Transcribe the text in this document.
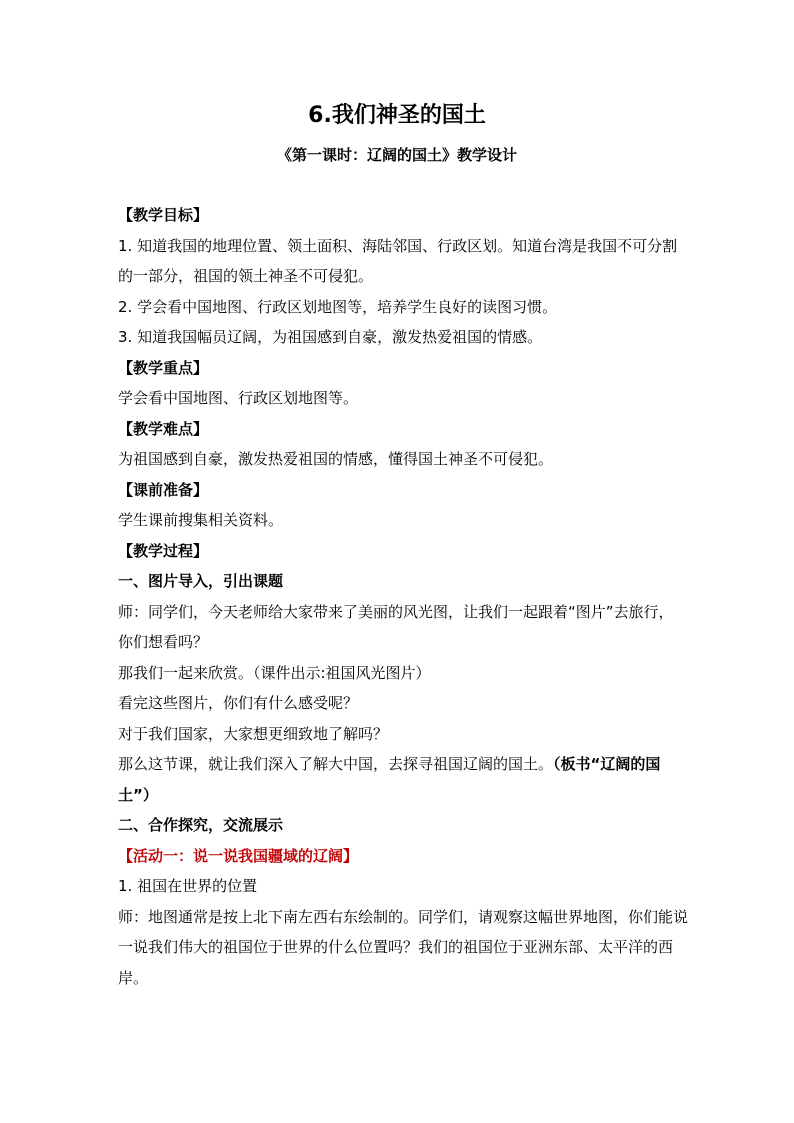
6.我们神圣的国土
《第一课时：辽阔的国土》教学设计

【教学目标】

1. 知道我国的地理位置、领土面积、海陆邻国、行政区划。知道台湾是我国不可分割的一部分，祖国的领土神圣不可侵犯。

2. 学会看中国地图、行政区划地图等，培养学生良好的读图习惯。

3. 知道我国幅员辽阔，为祖国感到自豪，激发热爱祖国的情感。

【教学重点】

学会看中国地图、行政区划地图等。

【教学难点】

为祖国感到自豪，激发热爱祖国的情感，懂得国土神圣不可侵犯。

【课前准备】

学生课前搜集相关资料。

【教学过程】

一、图片导入，引出课题

师：同学们，今天老师给大家带来了美丽的风光图，让我们一起跟着“图片”去旅行，你们想看吗？

那我们一起来欣赏。（课件出示:祖国风光图片）

看完这些图片，你们有什么感受呢？

对于我们国家，大家想更细致地了解吗？

那么这节课，就让我们深入了解大中国，去探寻祖国辽阔的国土。（板书“辽阔的国土”）

二、合作探究，交流展示

【活动一：说一说我国疆域的辽阔】

1. 祖国在世界的位置

师：地图通常是按上北下南左西右东绘制的。同学们，请观察这幅世界地图，你们能说一说我们伟大的祖国位于世界的什么位置吗？我们的祖国位于亚洲东部、太平洋的西岸。
